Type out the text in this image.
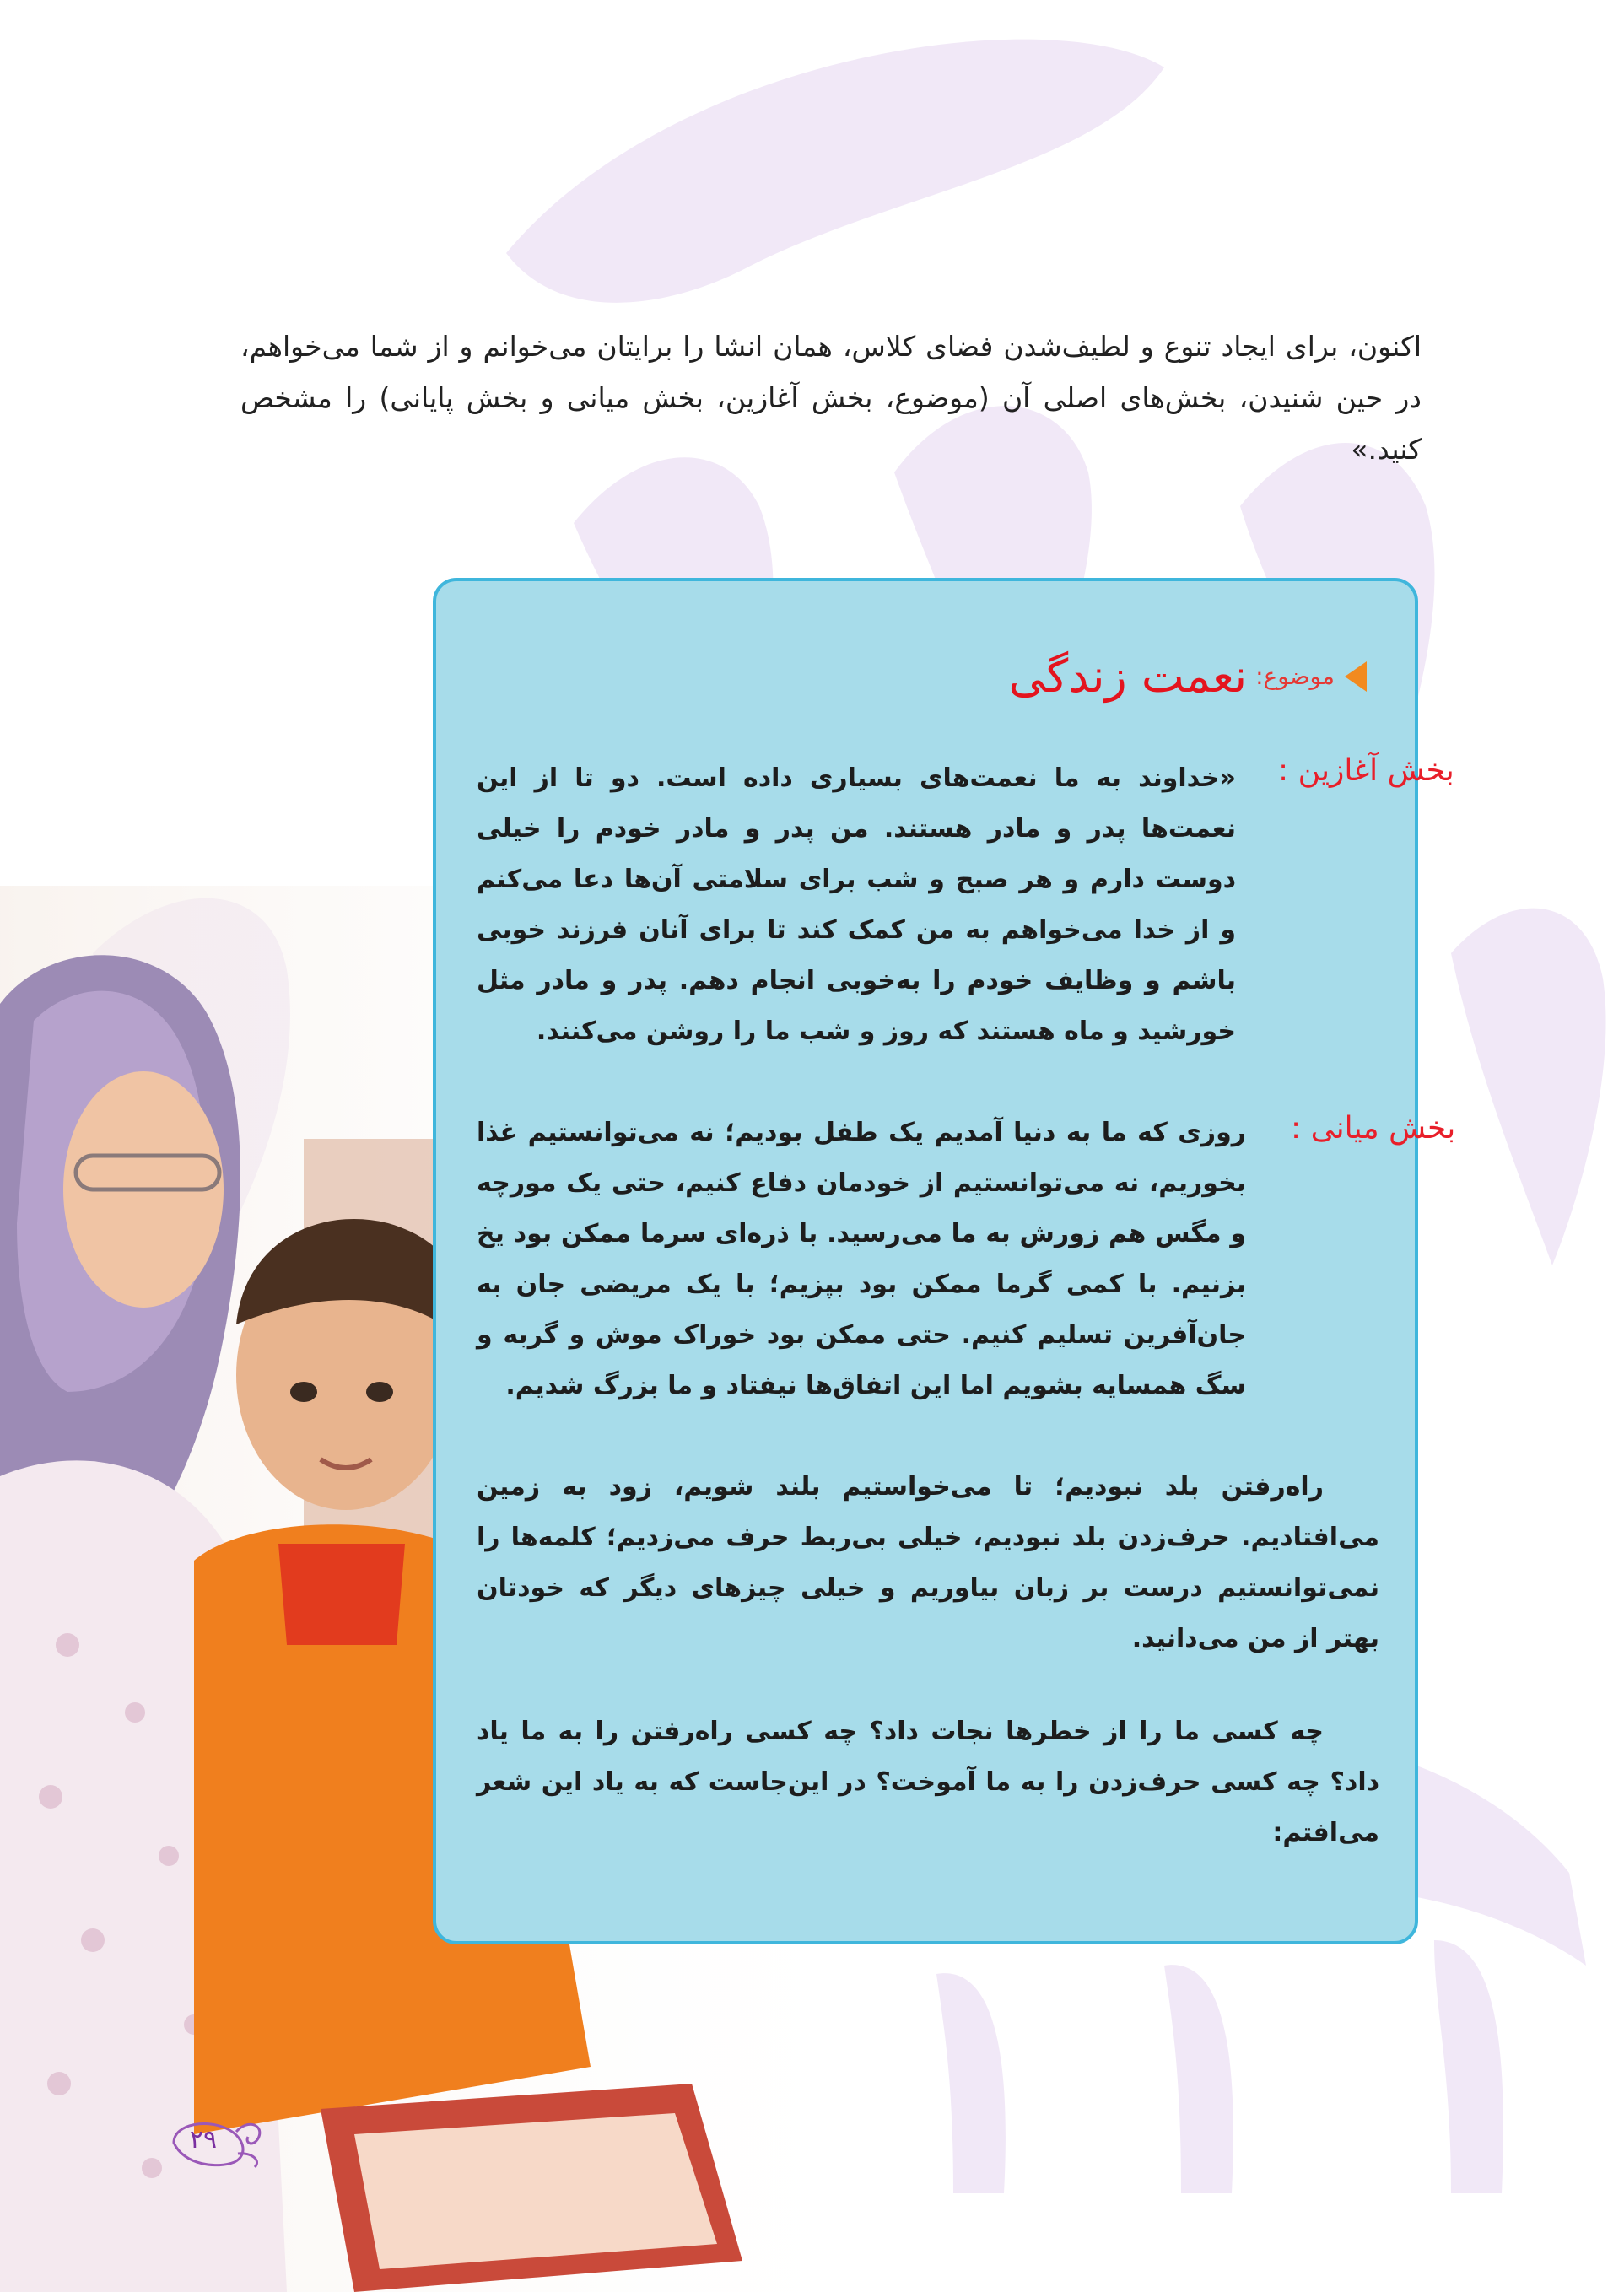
اکنون، برای ایجاد تنوع و لطیف‌شدن فضای کلاس، همان انشا را برایتان می‌خوانم و از شما می‌خواهم، در حین شنیدن، بخش‌های اصلی آن (موضوع، بخش آغازین، بخش میانی و بخش پایانی) را مشخص کنید.»

موضوع:نعمت زندگی
بخش آغازین :
بخش میانی :

«خداوند به ما نعمت‌های بسیاری داده است. دو تا از این نعمت‌ها پدر و مادر هستند. من پدر و مادر خودم را خیلی دوست دارم و هر صبح و شب برای سلامتی آن‌ها دعا می‌کنم و از خدا می‌خواهم به من کمک کند تا برای آنان فرزند خوبی باشم و وظایف خودم را به‌خوبی انجام دهم. پدر و مادر مثل خورشید و ماه هستند که روز و شب ما را روشن می‌کنند.

روزی که ما به دنیا آمدیم یک طفل بودیم؛ نه می‌توانستیم غذا بخوریم، نه می‌توانستیم از خودمان دفاع کنیم، حتی یک مورچه و مگس هم زورش به ما می‌رسید. با ذره‌ای سرما ممکن بود یخ بزنیم. با کمی گرما ممکن بود بپزیم؛ با یک مریضی جان به جان‌آفرین تسلیم کنیم. حتی ممکن بود خوراک موش و گربه و سگ همسایه بشویم اما این اتفاق‌ها نیفتاد و ما بزرگ شدیم.

راه‌رفتن بلد نبودیم؛ تا می‌خواستیم بلند شویم، زود به زمین می‌افتادیم. حرف‌زدن بلد نبودیم، خیلی بی‌ربط حرف می‌زدیم؛ کلمه‌ها را نمی‌توانستیم درست بر زبان بیاوریم و خیلی چیزهای دیگر که خودتان بهتر از من می‌دانید.

چه کسی ما را از خطرها نجات داد؟ چه کسی راه‌رفتن را به ما یاد داد؟ چه کسی حرف‌زدن را به ما آموخت؟ در این‌جاست که به یاد این شعر می‌افتم:

۲۹
